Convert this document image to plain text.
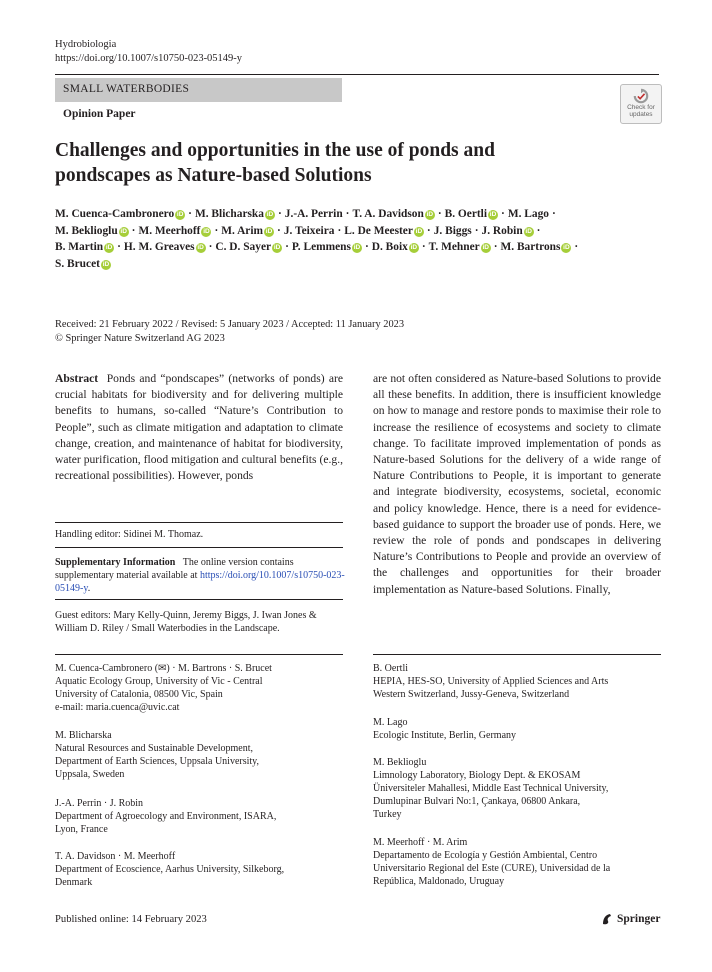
Hydrobiologia
https://doi.org/10.1007/s10750-023-05149-y
SMALL WATERBODIES
Opinion Paper
Check for updates
Challenges and opportunities in the use of ponds and pondscapes as Nature-based Solutions
M. Cuenca-Cambronero iD · M. Blicharska iD · J.-A. Perrin · T. A. Davidson iD · B. Oertli iD · M. Lago ·
M. Beklioglu iD · M. Meerhoff iD · M. Arim iD · J. Teixeira · L. De Meester iD · J. Biggs · J. Robin iD ·
B. Martin iD · H. M. Greaves iD · C. D. Sayer iD · P. Lemmens iD · D. Boix iD · T. Mehner iD · M. Bartrons iD ·
S. Brucet iD
Received: 21 February 2022 / Revised: 5 January 2023 / Accepted: 11 January 2023
© Springer Nature Switzerland AG 2023
Abstract Ponds and “pondscapes” (networks of ponds) are crucial habitats for biodiversity and for delivering multiple benefits to humans, so-called “Nature’s Contribution to People”, such as climate mitigation and adaptation to climate change, creation, and maintenance of habitat for biodiversity, water purification, flood mitigation and cultural benefits (e.g., recreational possibilities). However, ponds
are not often considered as Nature-based Solutions to provide all these benefits. In addition, there is insufficient knowledge on how to manage and restore ponds to maximise their role to increase the resilience of ecosystems and society to climate change. To facilitate improved implementation of ponds as Nature-based Solutions for the delivery of a wide range of Nature Contributions to People, it is important to generate and integrate biodiversity, ecosystems, societal, economic and policy knowledge. Hence, there is a need for evidence-based guidance to support the broader use of ponds. Here, we review the role of ponds and pondscapes in delivering Nature’s Contributions to People and provide an overview of the challenges and opportunities for their broader implementation as Nature-based Solutions. Finally,
Handling editor: Sidinei M. Thomaz.
Supplementary Information The online version contains supplementary material available at https://doi.org/10.1007/s10750-023-05149-y.
Guest editors: Mary Kelly-Quinn, Jeremy Biggs, J. Iwan Jones & William D. Riley / Small Waterbodies in the Landscape.
M. Cuenca-Cambronero (✉) · M. Bartrons · S. Brucet
Aquatic Ecology Group, University of Vic - Central
University of Catalonia, 08500 Vic, Spain
e-mail: maria.cuenca@uvic.cat
M. Blicharska
Natural Resources and Sustainable Development,
Department of Earth Sciences, Uppsala University,
Uppsala, Sweden
J.-A. Perrin · J. Robin
Department of Agroecology and Environment, ISARA,
Lyon, France
T. A. Davidson · M. Meerhoff
Department of Ecoscience, Aarhus University, Silkeborg,
Denmark
B. Oertli
HEPIA, HES-SO, University of Applied Sciences and Arts
Western Switzerland, Jussy-Geneva, Switzerland
M. Lago
Ecologic Institute, Berlin, Germany
M. Beklioglu
Limnology Laboratory, Biology Dept. & EKOSAM
Üniversiteler Mahallesi, Middle East Technical University,
Dumlupinar Bulvari No:1, Çankaya, 06800 Ankara,
Turkey
M. Meerhoff · M. Arim
Departamento de Ecología y Gestión Ambiental, Centro
Universitario Regional del Este (CURE), Universidad de la
República, Maldonado, Uruguay
Published online: 14 February 2023	Springer
